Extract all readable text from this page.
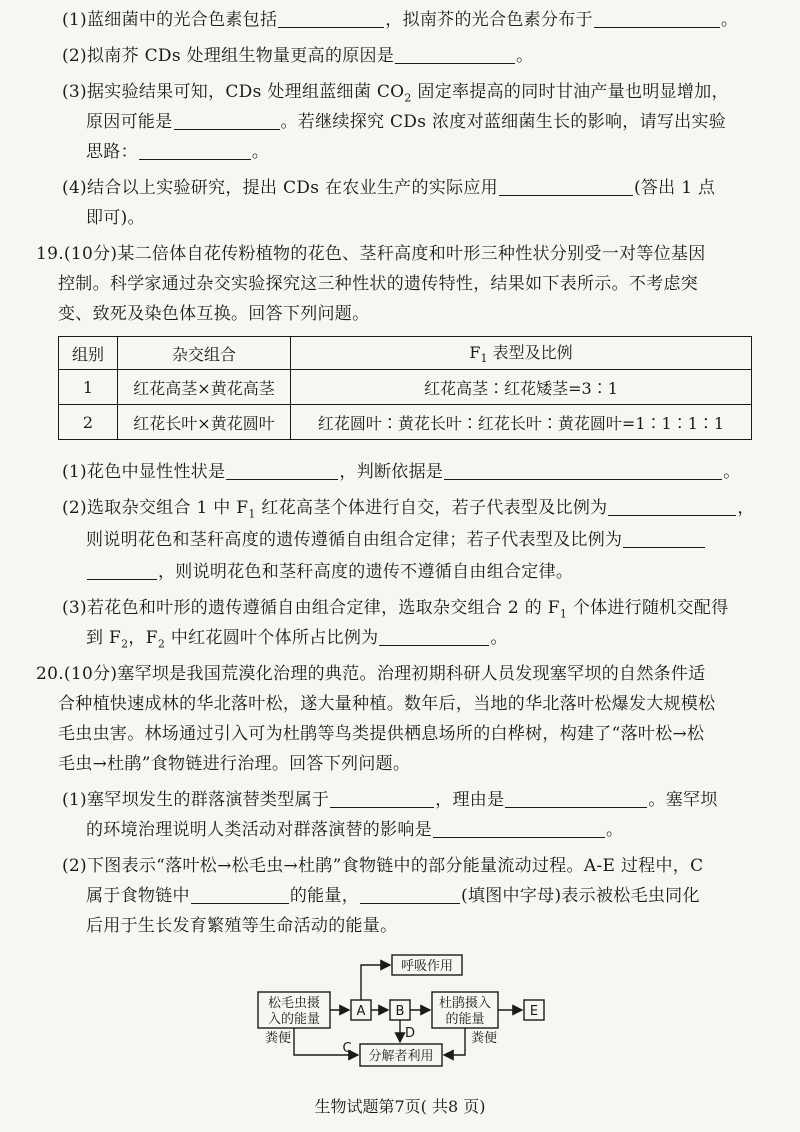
(1)蓝细菌中的光合色素包括	，拟南芥的光合色素分布于	。
(2)拟南芥 CDs 处理组生物量更高的原因是	。
(3)据实验结果可知，CDs 处理组蓝细菌 $CO_2$ 固定率提高的同时甘油产量也明显增加，
原因可能是	。若继续探究 CDs 浓度对蓝细菌生长的影响，请写出实验
思路：	。
(4)结合以上实验研究，提出 CDs 在农业生产的实际应用	(答出 1 点
即可)。
19.(10分)某二倍体自花传粉植物的花色、茎秆高度和叶形三种性状分别受一对等位基因
控制。科学家通过杂交实验探究这三种性状的遗传特性，结果如下表所示。不考虑突
变、致死及染色体互换。回答下列问题。
组别	杂交组合	$F_1$ 表型及比例
1	红花高茎×黄花高茎	红花高茎∶红花矮茎=3∶1
2	红花长叶×黄花圆叶	红花圆叶∶黄花长叶∶红花长叶∶黄花圆叶=1∶1∶1∶1
(1)花色中显性性状是	，判断依据是	。
(2)选取杂交组合 1 中 $F_1$ 红花高茎个体进行自交，若子代表型及比例为	，
则说明花色和茎秆高度的遗传遵循自由组合定律；若子代表型及比例为
，则说明花色和茎秆高度的遗传不遵循自由组合定律。
(3)若花色和叶形的遗传遵循自由组合定律，选取杂交组合 2 的 $F_1$ 个体进行随机交配得
到 $F_2$，$F_2$ 中红花圆叶个体所占比例为	。
20.(10分)塞罕坝是我国荒漠化治理的典范。治理初期科研人员发现塞罕坝的自然条件适
合种植快速成林的华北落叶松，遂大量种植。数年后，当地的华北落叶松爆发大规模松
毛虫虫害。林场通过引入可为杜鹃等鸟类提供栖息场所的白桦树，构建了“落叶松→松
毛虫→杜鹃”食物链进行治理。回答下列问题。
(1)塞罕坝发生的群落演替类型属于	，理由是	。塞罕坝
的环境治理说明人类活动对群落演替的影响是	。
(2)下图表示“落叶松→松毛虫→杜鹃”食物链中的部分能量流动过程。A-E 过程中，C
属于食物链中	的能量，	(填图中字母)表示被松毛虫同化
后用于生长发育繁殖等生命活动的能量。
松毛虫摄
入的能量
A B
呼吸作用
杜鹃摄入
的能量
E
分解者利用
D
C
粪便	粪便
生物试题第7页( 共8 页)
